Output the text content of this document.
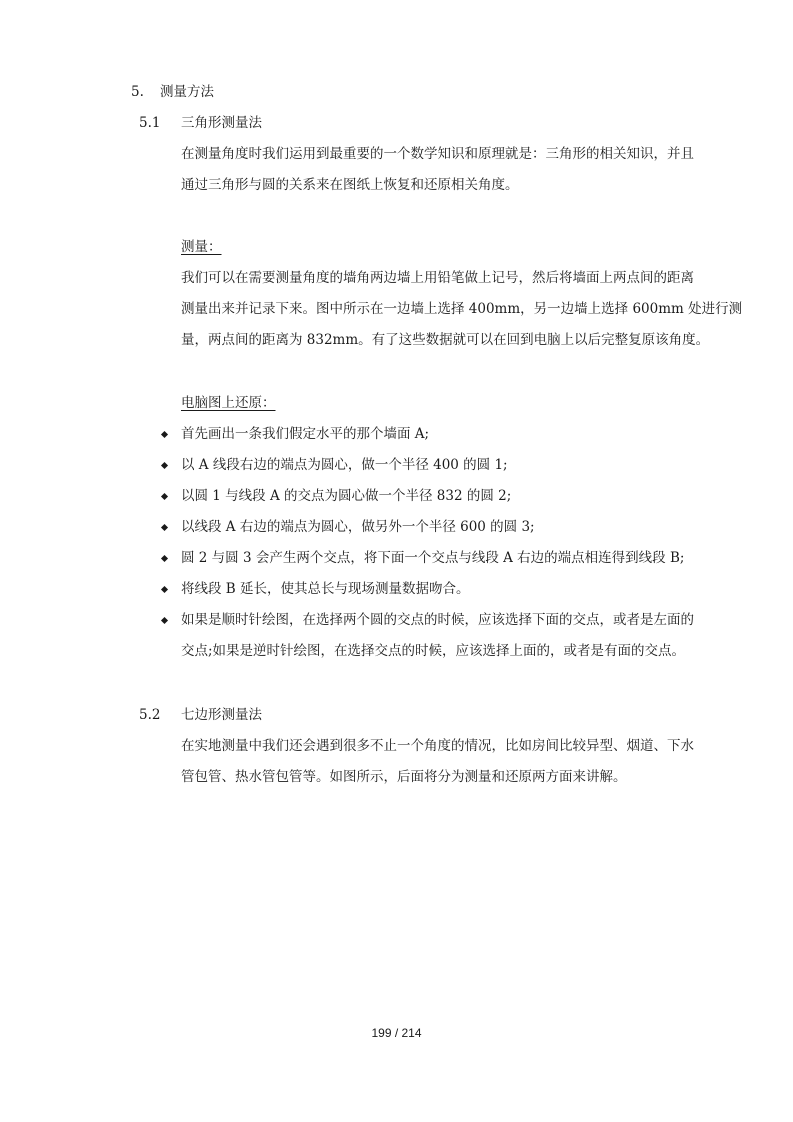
5. 测量方法
5.1 三角形测量法
在测量角度时我们运用到最重要的一个数学知识和原理就是：三角形的相关知识，并且
通过三角形与圆的关系来在图纸上恢复和还原相关角度。
测量：
我们可以在需要测量角度的墙角两边墙上用铅笔做上记号，然后将墙面上两点间的距离
测量出来并记录下来。图中所示在一边墙上选择 400mm，另一边墙上选择 600mm 处进行测
量，两点间的距离为 832mm。有了这些数据就可以在回到电脑上以后完整复原该角度。
电脑图上还原：
首先画出一条我们假定水平的那个墙面 A;
以 A 线段右边的端点为圆心，做一个半径 400 的圆 1;
以圆 1 与线段 A 的交点为圆心做一个半径 832 的圆 2;
以线段 A 右边的端点为圆心，做另外一个半径 600 的圆 3;
圆 2 与圆 3 会产生两个交点，将下面一个交点与线段 A 右边的端点相连得到线段 B;
将线段 B 延长，使其总长与现场测量数据吻合。
如果是顺时针绘图，在选择两个圆的交点的时候，应该选择下面的交点，或者是左面的
交点;如果是逆时针绘图，在选择交点的时候，应该选择上面的，或者是有面的交点。
5.2 七边形测量法
在实地测量中我们还会遇到很多不止一个角度的情况，比如房间比较异型、烟道、下水
管包管、热水管包管等。如图所示，后面将分为测量和还原两方面来讲解。
199 / 214
